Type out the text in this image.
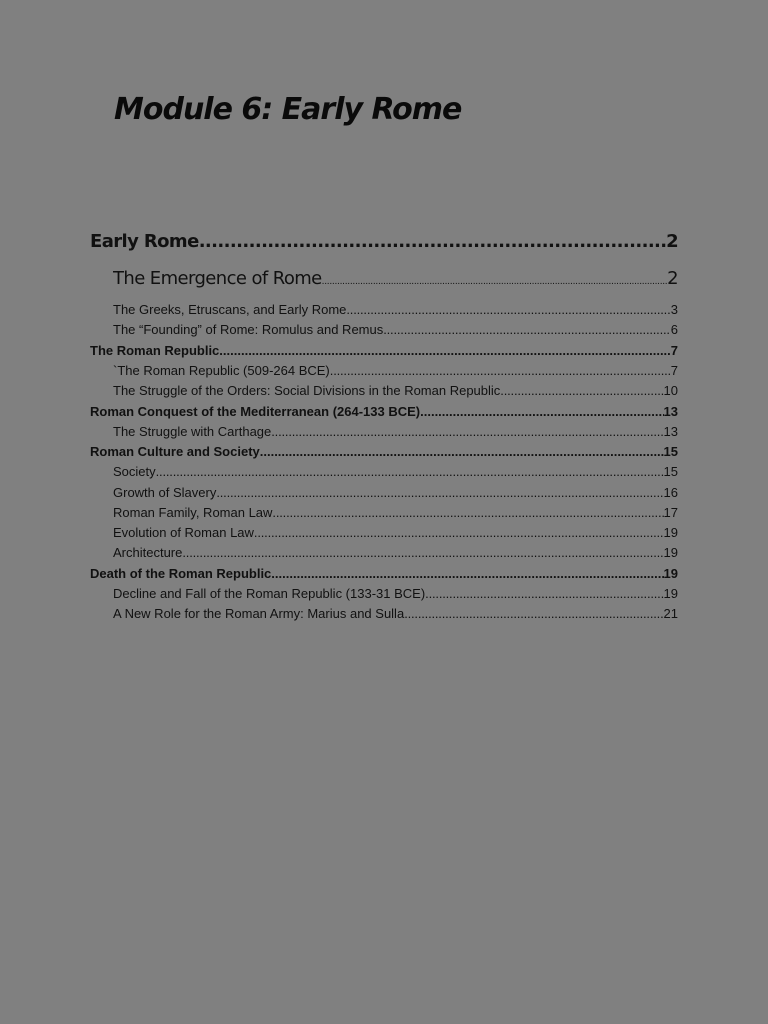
Module 6: Early Rome
Early Rome .....	2
The Emergence of Rome .....	2
The Greeks, Etruscans, and Early Rome .....	3
The “Founding” of Rome: Romulus and Remus .....	6
The Roman Republic .....	7
`The Roman Republic (509-264 BCE) .....	7
The Struggle of the Orders: Social Divisions in the Roman Republic .....	10
Roman Conquest of the Mediterranean (264-133 BCE) .....	13
The Struggle with Carthage .....	13
Roman Culture and Society .....	15
Society .....	15
Growth of Slavery .....	16
Roman Family, Roman Law .....	17
Evolution of Roman Law .....	19
Architecture .....	19
Death of the Roman Republic .....	19
Decline and Fall of the Roman Republic (133-31 BCE) .....	19
A New Role for the Roman Army: Marius and Sulla .....	21
